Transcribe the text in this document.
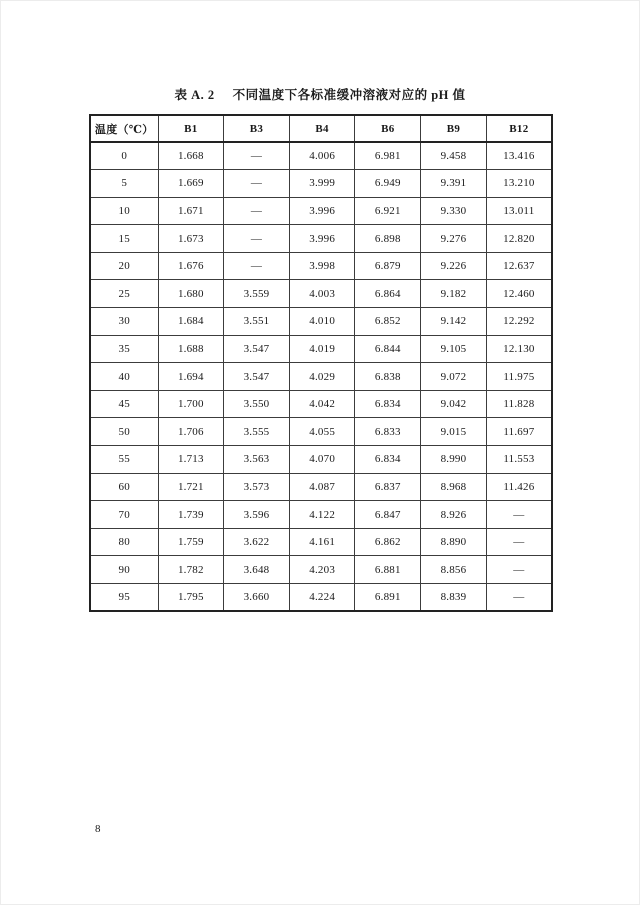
表 A. 2 不同温度下各标准缓冲溶液对应的 pH 值
温度（℃）	B1	B3	B4	B6	B9	B12
0	1.668	—	4.006	6.981	9.458	13.416
5	1.669	—	3.999	6.949	9.391	13.210
10	1.671	—	3.996	6.921	9.330	13.011
15	1.673	—	3.996	6.898	9.276	12.820
20	1.676	—	3.998	6.879	9.226	12.637
25	1.680	3.559	4.003	6.864	9.182	12.460
30	1.684	3.551	4.010	6.852	9.142	12.292
35	1.688	3.547	4.019	6.844	9.105	12.130
40	1.694	3.547	4.029	6.838	9.072	11.975
45	1.700	3.550	4.042	6.834	9.042	11.828
50	1.706	3.555	4.055	6.833	9.015	11.697
55	1.713	3.563	4.070	6.834	8.990	11.553
60	1.721	3.573	4.087	6.837	8.968	11.426
70	1.739	3.596	4.122	6.847	8.926	—
80	1.759	3.622	4.161	6.862	8.890	—
90	1.782	3.648	4.203	6.881	8.856	—
95	1.795	3.660	4.224	6.891	8.839	—
8
